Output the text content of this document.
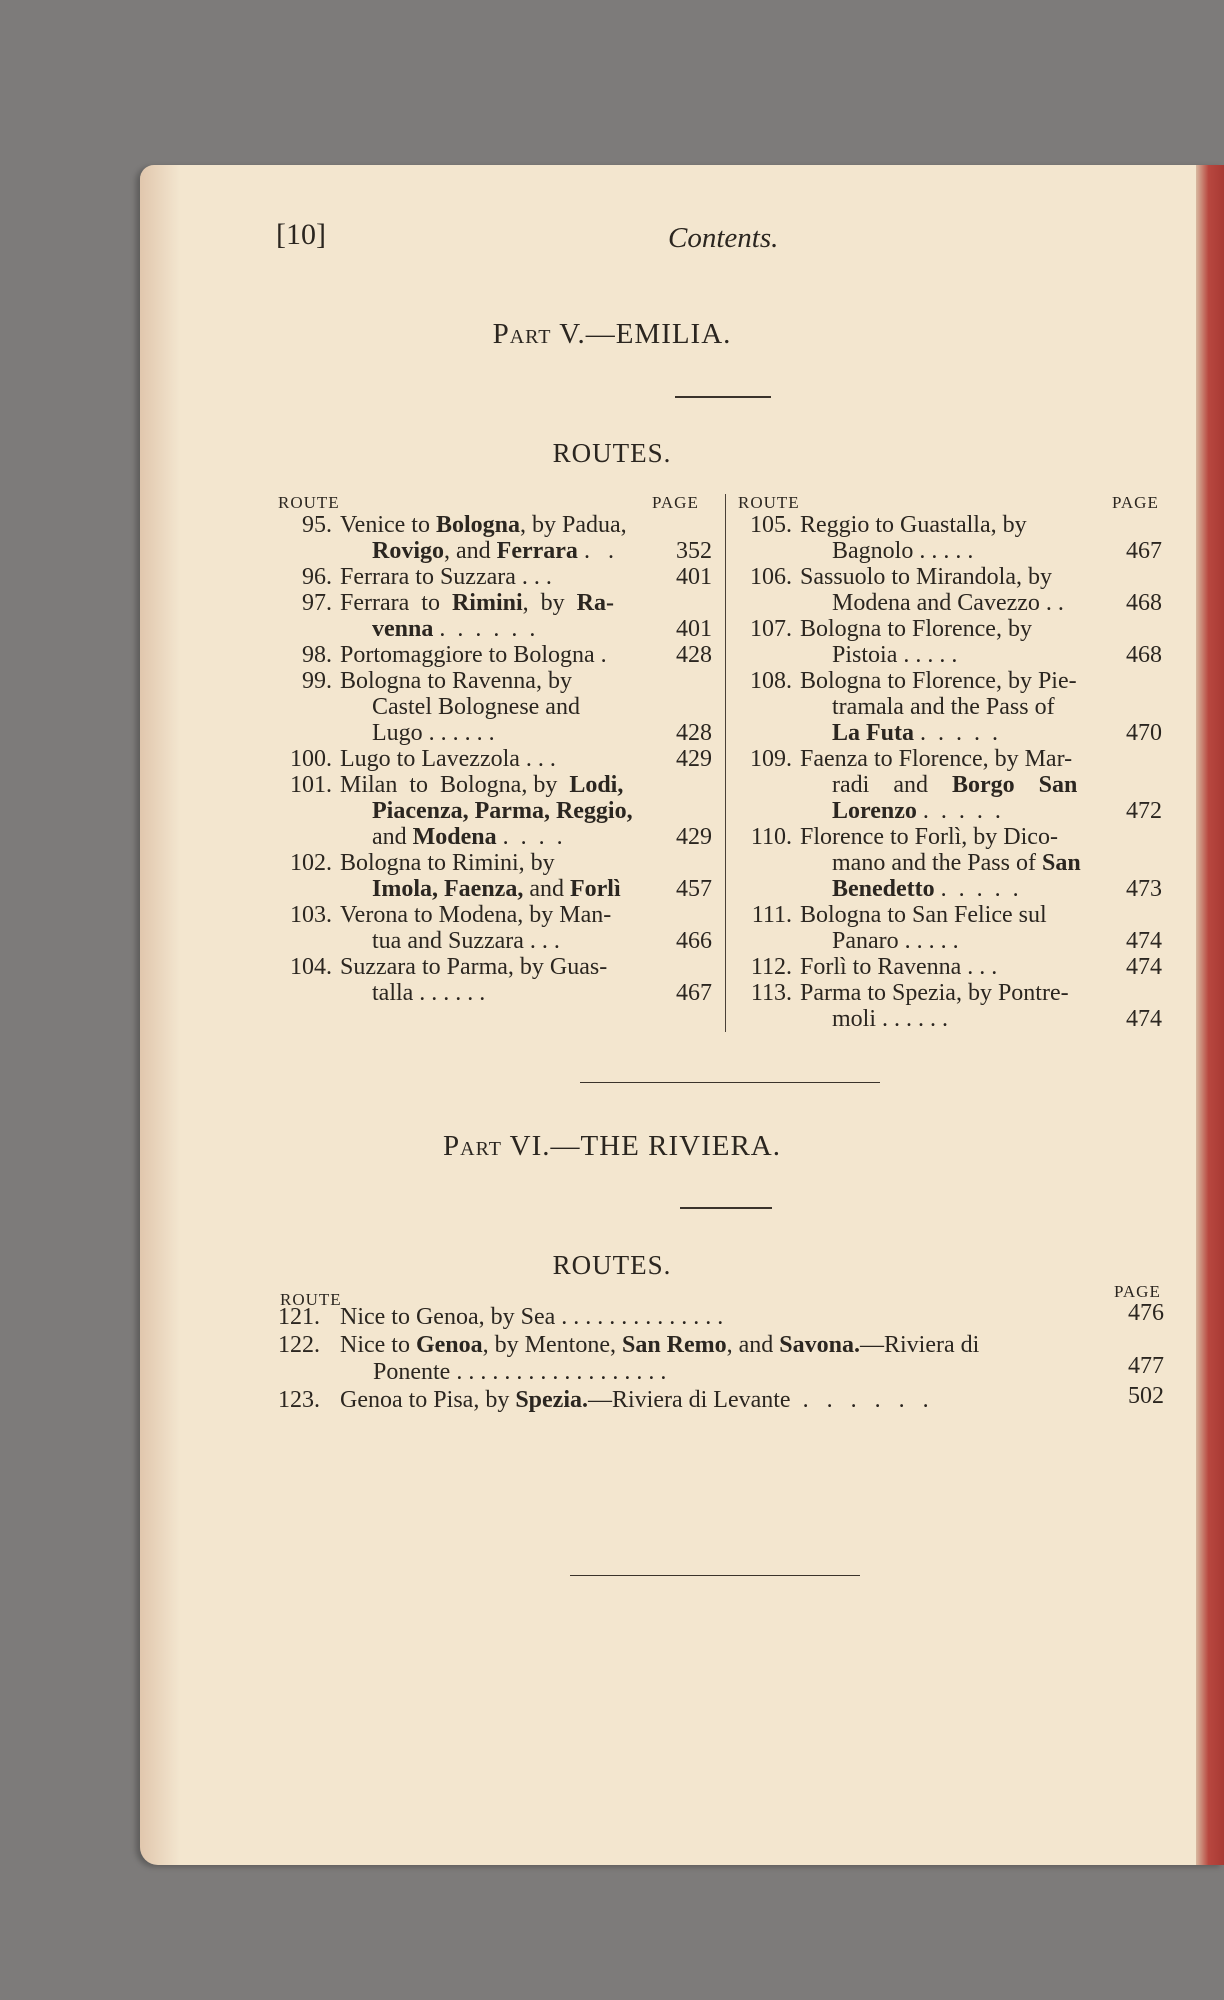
[10]	Contents.
Part V.—EMILIA.
ROUTES.
ROUTE	PAGE ROUTE	PAGE
95. Venice to Bologna, by Padua,
Rovigo, and Ferrara .   .	352
96. Ferrara to Suzzara . . .	401
97. Ferrara  to  Rimini,  by  Ra-
venna .  .  .  .  .  .	401
98. Portomaggiore to Bologna .	428
99. Bologna to Ravenna, by
Castel Bolognese and
Lugo . . . . . .	428
100. Lugo to Lavezzola . . .	429
101. Milan  to  Bologna, by  Lodi,
Piacenza, Parma, Reggio,
and Modena .  .  .  .	429
102. Bologna to Rimini, by
Imola, Faenza, and Forlì 457
103. Verona to Modena, by Man-
tua and Suzzara . . .	466
104. Suzzara to Parma, by Guas-
talla . . . . . .	467
105. Reggio to Guastalla, by
Bagnolo . . . . .	467
106. Sassuolo to Mirandola, by
Modena and Cavezzo . .	468
107. Bologna to Florence, by
Pistoia . . . . .	468
108. Bologna to Florence, by Pie-
tramala and the Pass of
La Futa .  .  .  .  .	470
109. Faenza to Florence, by Mar-
radi    and    Borgo    San
Lorenzo .  .  .  .  .	472
110. Florence to Forlì, by Dico-
mano and the Pass of San
Benedetto .  .  .  .  .	473
111. Bologna to San Felice sul
Panaro . . . . .	474
112. Forlì to Ravenna . . .	474
113. Parma to Spezia, by Pontre-
moli . . . . . .	474
Part VI.—THE RIVIERA.
ROUTES.
ROUTE	PAGE
121. Nice to Genoa, by Sea . . . . . . . . . . . . . .	476
122. Nice to Genoa, by Mentone, San Remo, and Savona.—Riviera di
Ponente . . . . . . . . . . . . . . . . . .	477
123. Genoa to Pisa, by Spezia.—Riviera di Levante  .   .   .   .   .   .	502
